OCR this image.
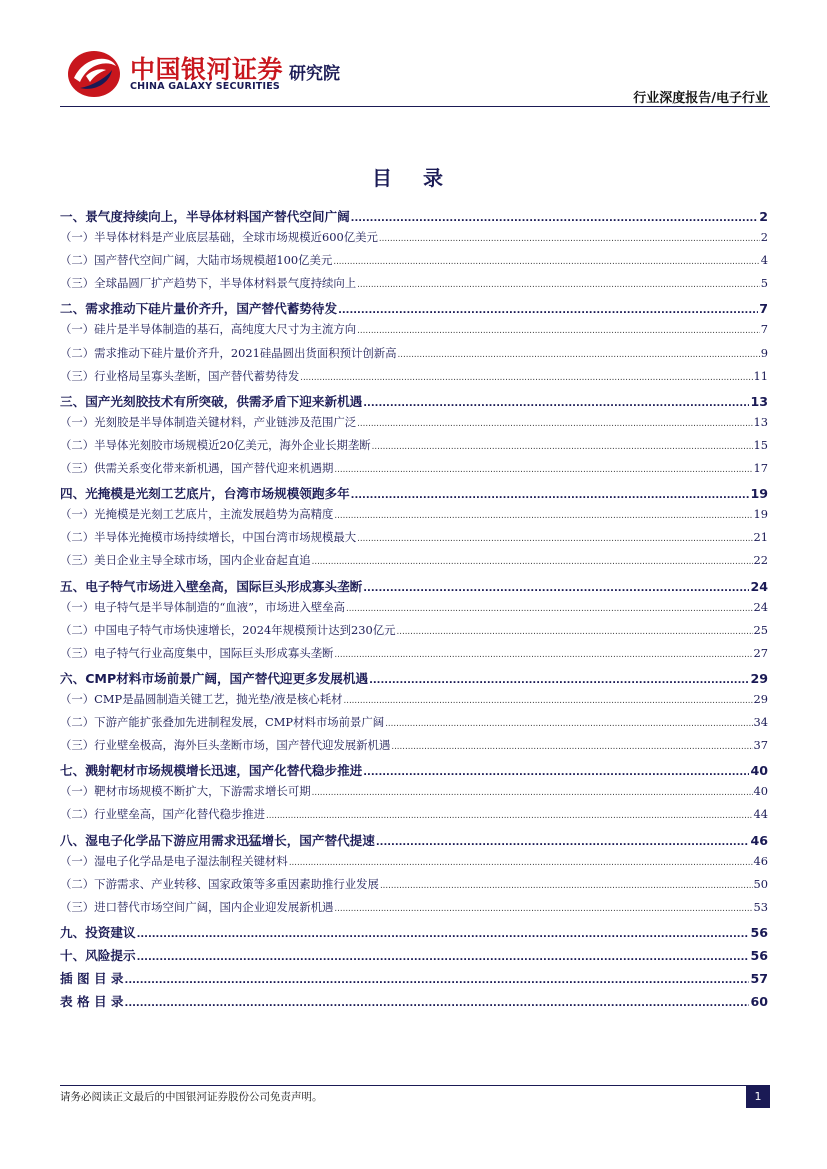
中国银河证券
CHINA GALAXY SECURITIES
研究院
行业深度报告/电子行业
目 录
一、景气度持续向上，半导体材料国产替代空间广阔 .....	2
（一）半导体材料是产业底层基础，全球市场规模近600亿美元 .....	2
（二）国产替代空间广阔，大陆市场规模超100亿美元 .....	4
（三）全球晶圆厂扩产趋势下，半导体材料景气度持续向上 .....	5
二、需求推动下硅片量价齐升，国产替代蓄势待发 .....	7
（一）硅片是半导体制造的基石，高纯度大尺寸为主流方向 .....	7
（二）需求推动下硅片量价齐升，2021硅晶圆出货面积预计创新高 .....	9
（三）行业格局呈寡头垄断，国产替代蓄势待发 .....	11
三、国产光刻胶技术有所突破，供需矛盾下迎来新机遇 .....	13
（一）光刻胶是半导体制造关键材料，产业链涉及范围广泛 .....	13
（二）半导体光刻胶市场规模近20亿美元，海外企业长期垄断 .....	15
（三）供需关系变化带来新机遇，国产替代迎来机遇期 .....	17
四、光掩模是光刻工艺底片，台湾市场规模领跑多年 .....	19
（一）光掩模是光刻工艺底片，主流发展趋势为高精度 .....	19
（二）半导体光掩模市场持续增长，中国台湾市场规模最大 .....	21
（三）美日企业主导全球市场，国内企业奋起直追 .....	22
五、电子特气市场进入壁垒高，国际巨头形成寡头垄断 .....	24
（一）电子特气是半导体制造的“血液”，市场进入壁垒高 .....	24
（二）中国电子特气市场快速增长，2024年规模预计达到230亿元 .....	25
（三）电子特气行业高度集中，国际巨头形成寡头垄断 .....	27
六、CMP材料市场前景广阔，国产替代迎更多发展机遇 .....	29
（一）CMP是晶圆制造关键工艺，抛光垫/液是核心耗材 .....	29
（二）下游产能扩张叠加先进制程发展，CMP材料市场前景广阔 .....	34
（三）行业壁垒极高，海外巨头垄断市场，国产替代迎发展新机遇 .....	37
七、溅射靶材市场规模增长迅速，国产化替代稳步推进 .....	40
（一）靶材市场规模不断扩大，下游需求增长可期 .....	40
（二）行业壁垒高，国产化替代稳步推进 .....	44
八、湿电子化学品下游应用需求迅猛增长，国产替代提速 .....	46
（一）湿电子化学品是电子湿法制程关键材料 .....	46
（二）下游需求、产业转移、国家政策等多重因素助推行业发展 .....	50
（三）进口替代市场空间广阔，国内企业迎发展新机遇 .....	53
九、投资建议 .....	56
十、风险提示 .....	56
插 图 目 录 .....	57
表 格 目 录 .....	60
请务必阅读正文最后的中国银河证券股份公司免责声明。	1
